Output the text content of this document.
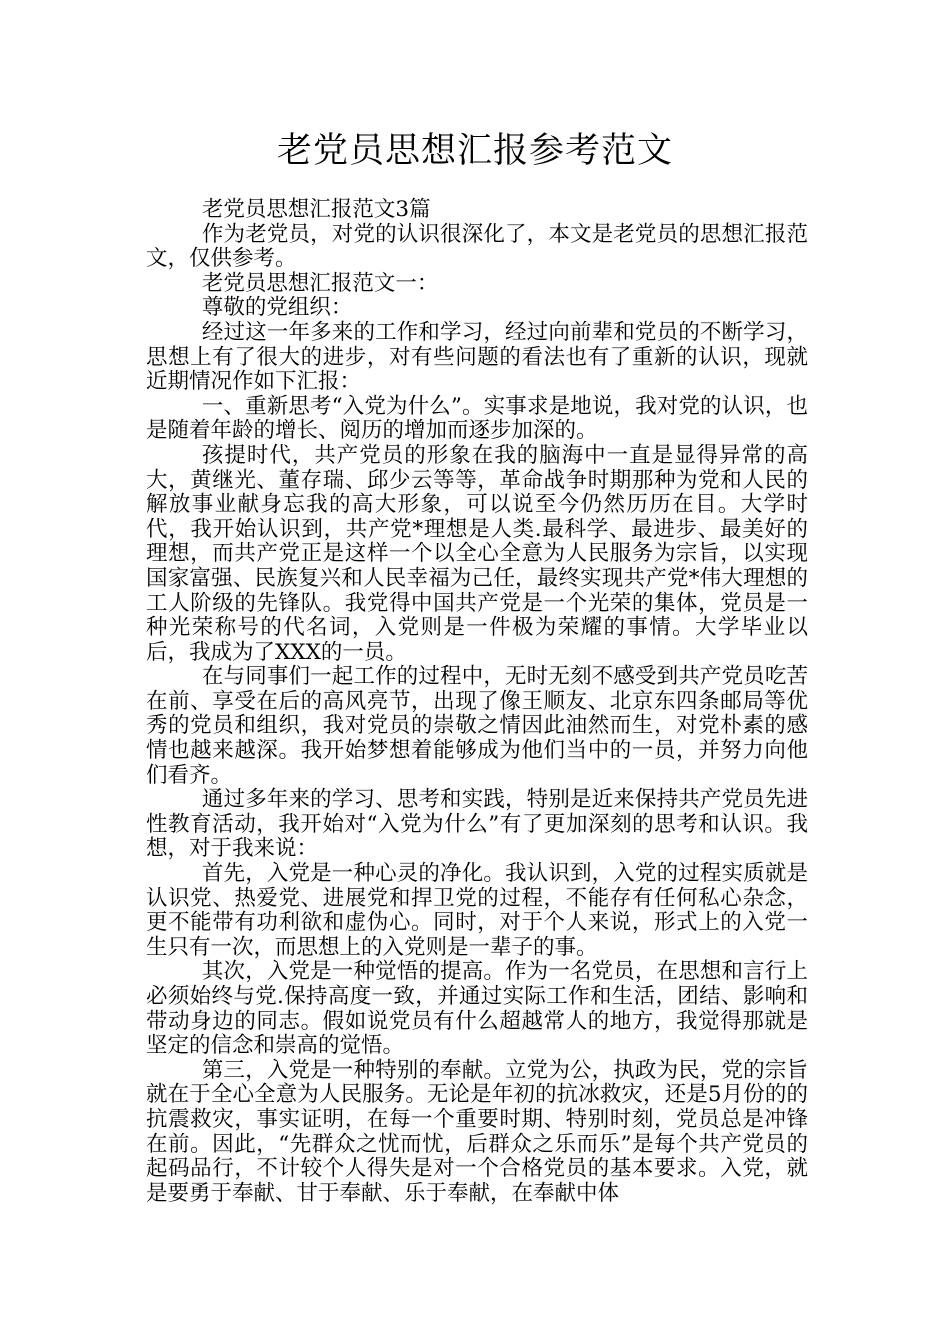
老党员思想汇报参考范文

老党员思想汇报范文3篇

作为老党员，对党的认识很深化了，本文是老党员的思想汇报范文，仅供参考。

老党员思想汇报范文一：

尊敬的党组织：

经过这一年多来的工作和学习，经过向前辈和党员的不断学习，思想上有了很大的进步，对有些问题的看法也有了重新的认识，现就近期情况作如下汇报：

一、重新思考“入党为什么”。实事求是地说，我对党的认识，也是随着年龄的增长、阅历的增加而逐步加深的。

孩提时代，共产党员的形象在我的脑海中一直是显得异常的高大，黄继光、董存瑞、邱少云等等，革命战争时期那种为党和人民的解放事业献身忘我的高大形象，可以说至今仍然历历在目。大学时代，我开始认识到，共产党*理想是人类.最科学、最进步、最美好的理想，而共产党正是这样一个以全心全意为人民服务为宗旨，以实现国家富强、民族复兴和人民幸福为己任，最终实现共产党*伟大理想的工人阶级的先锋队。我党得中国共产党是一个光荣的集体，党员是一种光荣称号的代名词，入党则是一件极为荣耀的事情。大学毕业以后，我成为了XXX的一员。

在与同事们一起工作的过程中，无时无刻不感受到共产党员吃苦在前、享受在后的高风亮节，出现了像王顺友、北京东四条邮局等优秀的党员和组织，我对党员的崇敬之情因此油然而生，对党朴素的感情也越来越深。我开始梦想着能够成为他们当中的一员，并努力向他们看齐。

通过多年来的学习、思考和实践，特别是近来保持共产党员先进性教育活动，我开始对“入党为什么”有了更加深刻的思考和认识。我想，对于我来说：

首先，入党是一种心灵的净化。我认识到，入党的过程实质就是认识党、热爱党、进展党和捍卫党的过程，不能存有任何私心杂念，更不能带有功利欲和虚伪心。同时，对于个人来说，形式上的入党一生只有一次，而思想上的入党则是一辈子的事。

其次，入党是一种觉悟的提高。作为一名党员，在思想和言行上必须始终与党.保持高度一致，并通过实际工作和生活，团结、影响和带动身边的同志。假如说党员有什么超越常人的地方，我觉得那就是坚定的信念和崇高的觉悟。

第三，入党是一种特别的奉献。立党为公，执政为民，党的宗旨就在于全心全意为人民服务。无论是年初的抗冰救灾，还是5月份的的抗震救灾，事实证明，在每一个重要时期、特别时刻，党员总是冲锋在前。因此，“先群众之忧而忧，后群众之乐而乐”是每个共产党员的起码品行，不计较个人得失是对一个合格党员的基本要求。入党，就是要勇于奉献、甘于奉献、乐于奉献，在奉献中体
